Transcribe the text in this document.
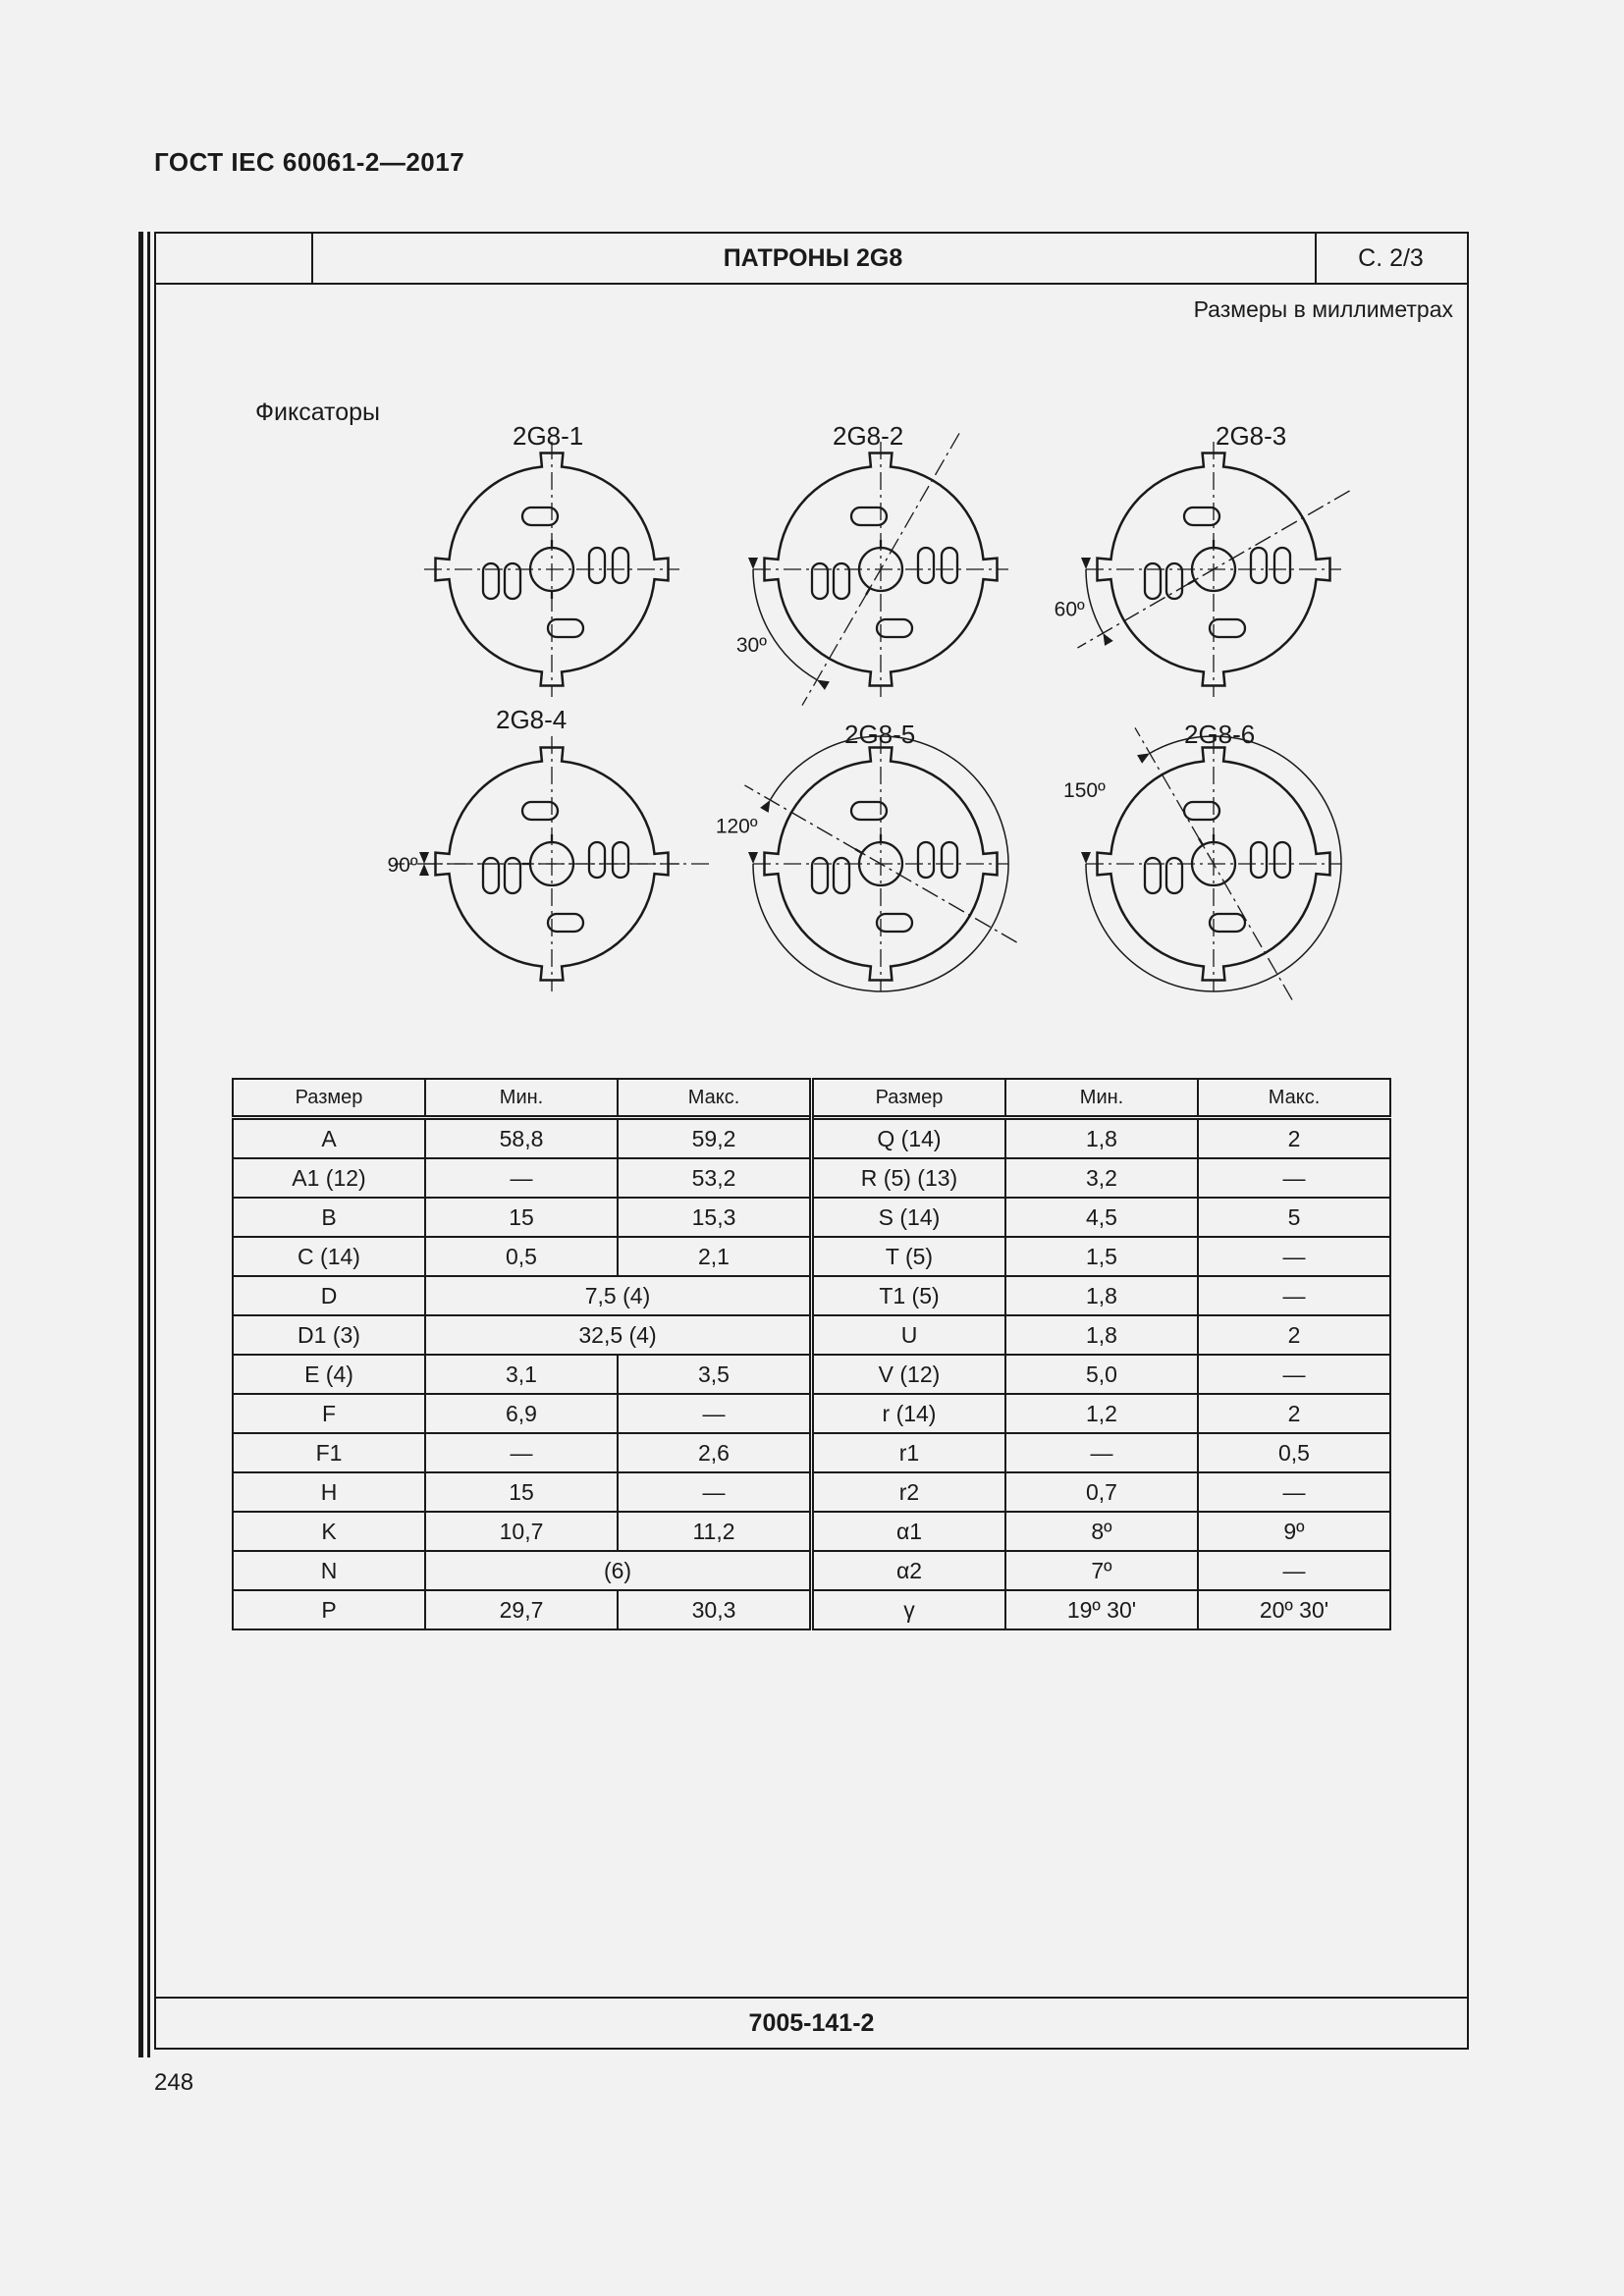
ГОСТ IEC 60061-2—2017
ПАТРОНЫ 2G8	С. 2/3
Размеры в миллиметрах
7005-141-2
Фиксаторы
2G8-1
30º
2G8-2
60º
2G8-3
90º
2G8-4
120º
2G8-5
150º
2G8-6
Размер	Мин.	Макс.	Размер	Мин.	Макс.
A	58,8	59,2	Q (14)	1,8	2
A1 (12)	—	53,2	R (5) (13)	3,2	—
B	15	15,3	S (14)	4,5	5
C (14)	0,5	2,1	T (5)	1,5	—
D	7,5 (4)		T1 (5)	1,8	—
D1 (3)	32,5 (4)		U	1,8	2
E (4)	3,1	3,5	V (12)	5,0	—
F	6,9	—	r (14)	1,2	2
F1	—	2,6	r1	—	0,5
H	15	—	r2	0,7	—
K	10,7	11,2	α1	8º	9º
N	(6)		α2	7º	—
P	29,7	30,3	γ	19º 30'	20º 30'
248
